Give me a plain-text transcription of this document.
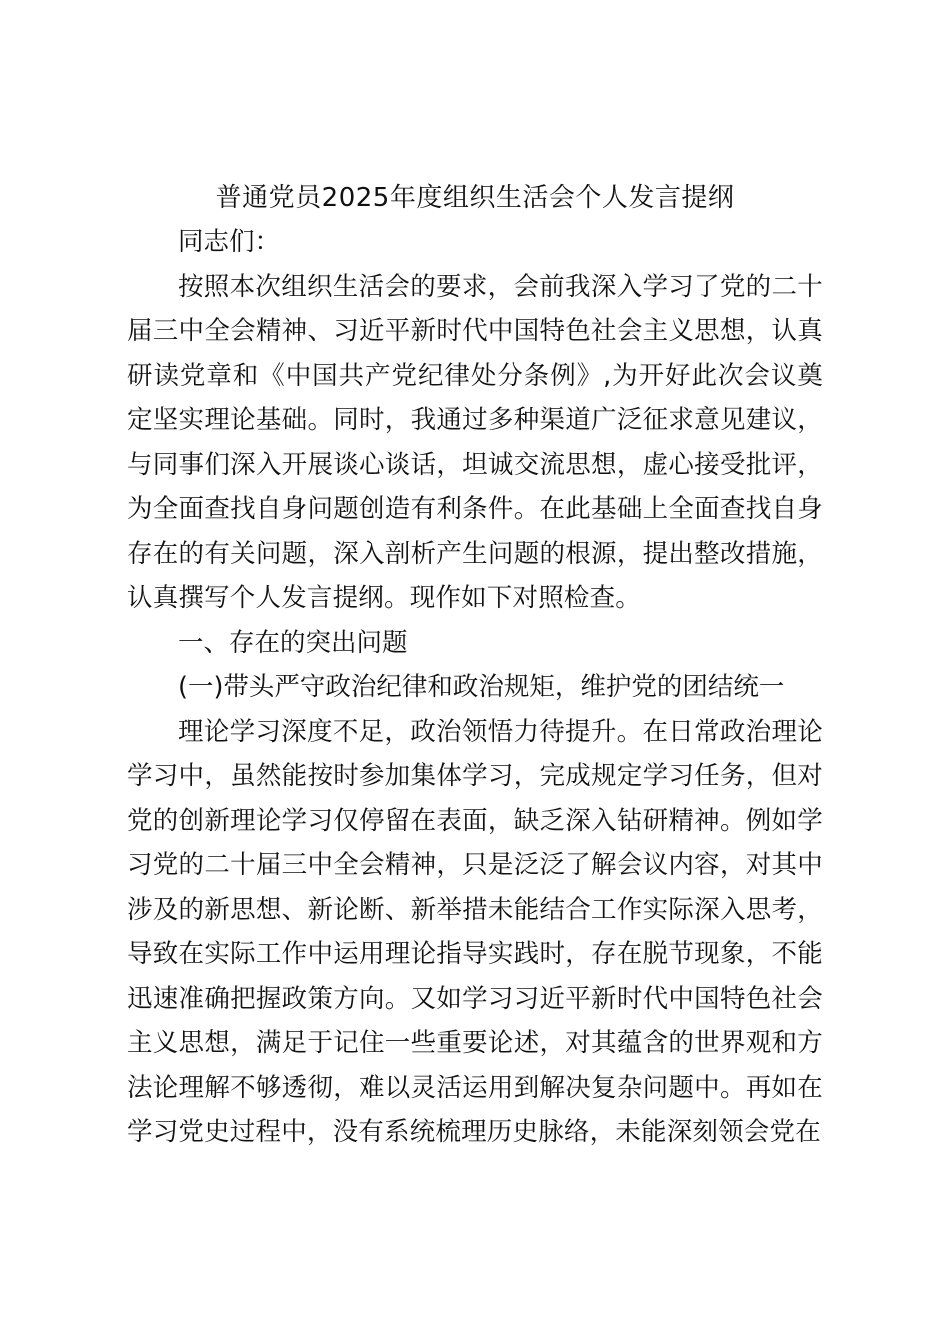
普通党员2025年度组织生活会个人发言提纲

同志们：

按照本次组织生活会的要求，会前我深入学习了党的二十届三中全会精神、习近平新时代中国特色社会主义思想，认真研读党章和《中国共产党纪律处分条例》,为开好此次会议奠定坚实理论基础。同时，我通过多种渠道广泛征求意见建议，与同事们深入开展谈心谈话，坦诚交流思想，虚心接受批评，为全面查找自身问题创造有利条件。在此基础上全面查找自身存在的有关问题，深入剖析产生问题的根源，提出整改措施，认真撰写个人发言提纲。现作如下对照检查。

一、存在的突出问题

(一)带头严守政治纪律和政治规矩，维护党的团结统一

理论学习深度不足，政治领悟力待提升。在日常政治理论学习中，虽然能按时参加集体学习，完成规定学习任务，但对党的创新理论学习仅停留在表面，缺乏深入钻研精神。例如学习党的二十届三中全会精神，只是泛泛了解会议内容，对其中涉及的新思想、新论断、新举措未能结合工作实际深入思考，导致在实际工作中运用理论指导实践时，存在脱节现象，不能迅速准确把握政策方向。又如学习习近平新时代中国特色社会主义思想，满足于记住一些重要论述，对其蕴含的世界观和方法论理解不够透彻，难以灵活运用到解决复杂问题中。再如在学习党史过程中，没有系统梳理历史脉络，未能深刻领会党在
